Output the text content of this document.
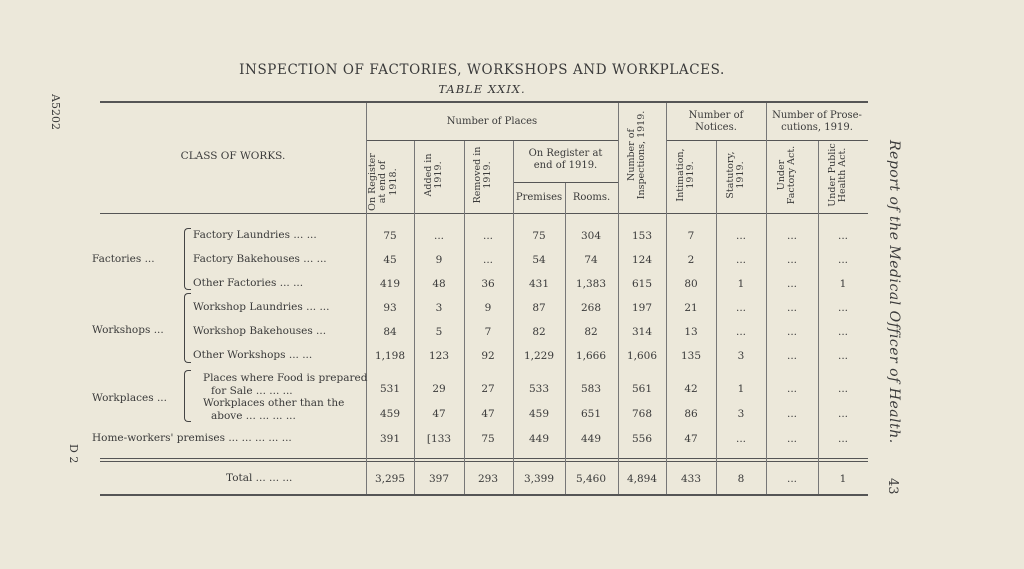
INSPECTION OF FACTORIES, WORKSHOPS AND WORKPLACES.
TABLE XXIX.
A5202
D 2
Report of the Medical Officer of Health.
43
CLASS OF WORKS.
Number of Places
On Register at
end of 1919.
Premises	Rooms.
Number of
Notices.
Number of Prose-
cutions, 1919.
On Register
at end of
1918.	Added in
1919.	Removed in
1919.	Number of
Inspections, 1919.
Intimation,
1919.	Statutory,
1919.	Under
Factory Act.
Under Public
Health Act.
Factories ...
Workshops ...
Workplaces ...
Factory Laundries ... ...	75	...	...	75	304	153	7	...	...	...
Factory Bakehouses ... ...	45	9	...	54	74	124	2	...	...	...
Other Factories ... ...	419	48	36	431	1,383	615	80	1	...	1
Workshop Laundries ... ...	93	3	9	87	268	197	21	...	...	...
Workshop Bakehouses ...	84	5	7	82	82	314	13	...	...	...
Other Workshops ... ...	1,198	123	92	1,229	1,666	1,606	135	3	...	...
Places where Food is prepared
for Sale ... ... ...	531	29	27	533	583	561	42	1	...	...
Workplaces other than the
above ... ... ... ...	459	47	47	459	651	768	86	3	...	...
Home-workers' premises ... ... ... ... ...	391	[133	75	449	449	556	47	...	...	...
Total ... ... ...	3,295	397	293	3,399	5,460	4,894	433	8	...	1
